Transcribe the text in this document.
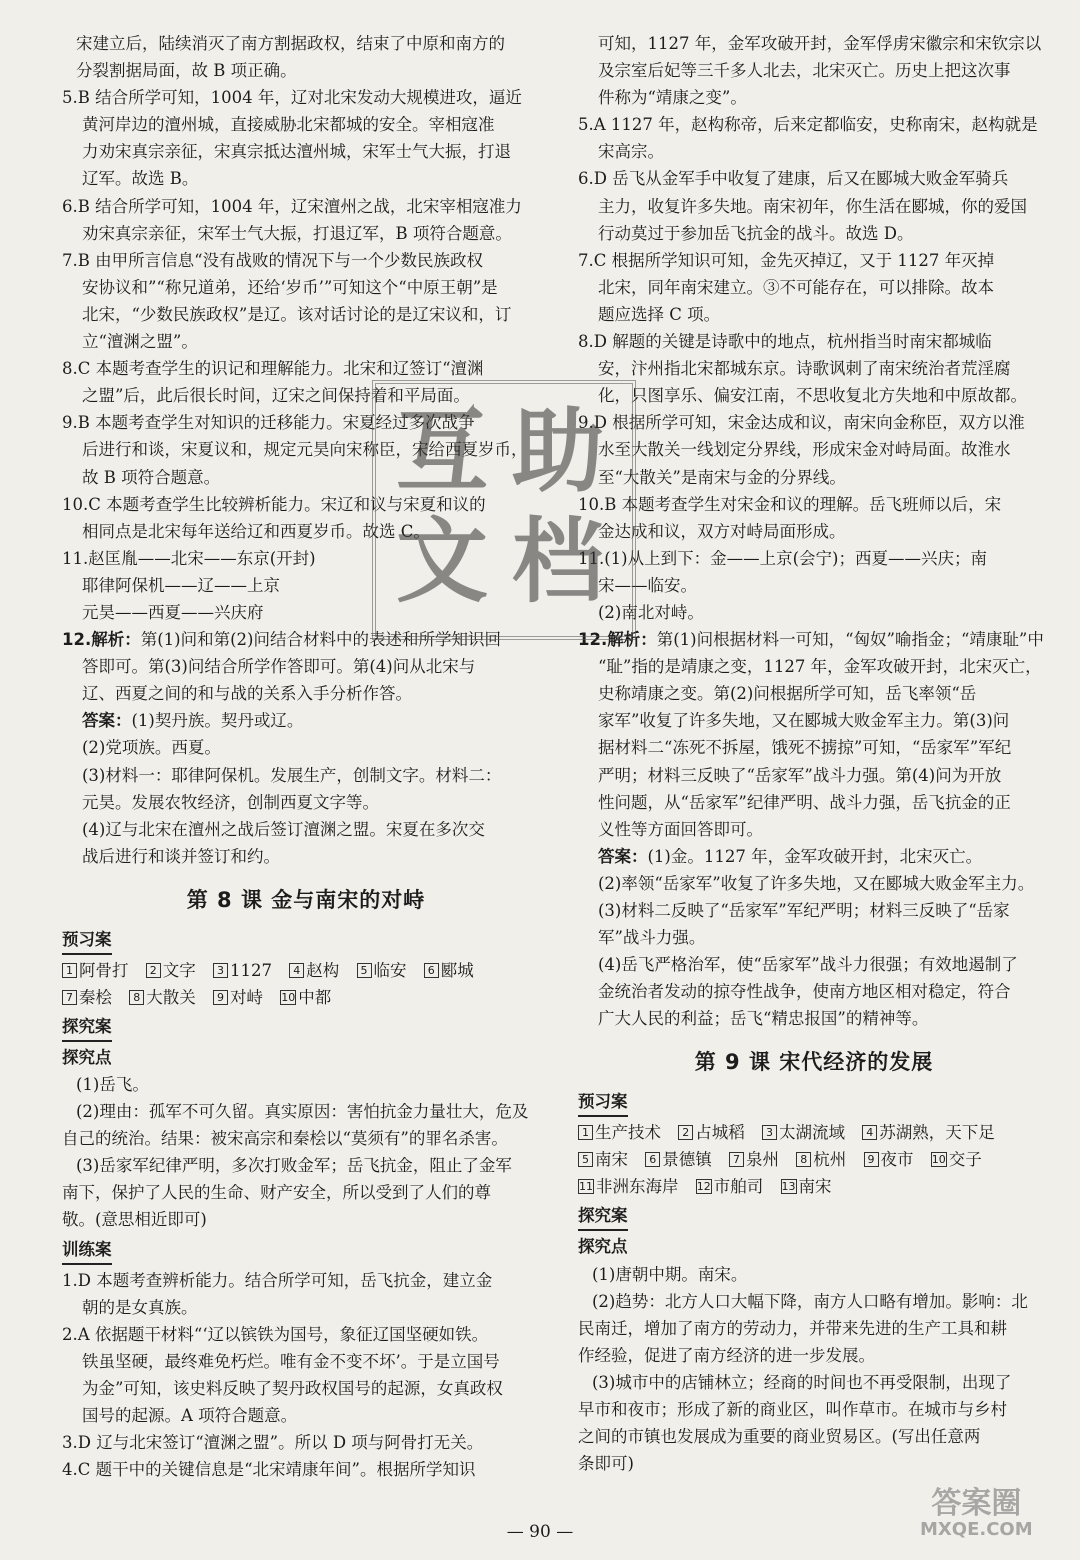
宋建立后，陆续消灭了南方割据政权，结束了中原和南方的

分裂割据局面，故 B 项正确。

5.B 结合所学可知，1004 年，辽对北宋发动大规模进攻，逼近

黄河岸边的澶州城，直接威胁北宋都城的安全。宰相寇准

力劝宋真宗亲征，宋真宗抵达澶州城，宋军士气大振，打退

辽军。故选 B。

6.B 结合所学可知，1004 年，辽宋澶州之战，北宋宰相寇准力

劝宋真宗亲征，宋军士气大振，打退辽军，B 项符合题意。

7.B 由甲所言信息“没有战败的情况下与一个少数民族政权

安协议和”“称兄道弟，还给‘岁币’”可知这个“中原王朝”是

北宋，“少数民族政权”是辽。该对话讨论的是辽宋议和，订

立“澶渊之盟”。

8.C 本题考查学生的识记和理解能力。北宋和辽签订“澶渊

之盟”后，此后很长时间，辽宋之间保持着和平局面。

9.B 本题考查学生对知识的迁移能力。宋夏经过多次战争

后进行和谈，宋夏议和，规定元昊向宋称臣，宋给西夏岁币，

故 B 项符合题意。

10.C 本题考查学生比较辨析能力。宋辽和议与宋夏和议的

相同点是北宋每年送给辽和西夏岁币。故选 C。

11.赵匡胤——北宋——东京(开封)

耶律阿保机——辽——上京

元昊——西夏——兴庆府

12.解析：第(1)问和第(2)问结合材料中的表述和所学知识回

答即可。第(3)问结合所学作答即可。第(4)问从北宋与

辽、西夏之间的和与战的关系入手分析作答。

答案：(1)契丹族。契丹或辽。

(2)党项族。西夏。

(3)材料一：耶律阿保机。发展生产，创制文字。材料二：

元昊。发展农牧经济，创制西夏文字等。

(4)辽与北宋在澶州之战后签订澶渊之盟。宋夏在多次交

战后进行和谈并签订和约。

第 8 课 金与南宋的对峙
预习案
1 阿骨打 2 文字 3 1127 4 赵构 5 临安 6 郾城
7 秦桧 8 大散关 9 对峙 10 中都
探究案

探究点

(1)岳飞。

(2)理由：孤军不可久留。真实原因：害怕抗金力量壮大，危及

自己的统治。结果：被宋高宗和秦桧以“莫须有”的罪名杀害。

(3)岳家军纪律严明，多次打败金军；岳飞抗金，阻止了金军

南下，保护了人民的生命、财产安全，所以受到了人们的尊

敬。(意思相近即可)

训练案

1.D 本题考查辨析能力。结合所学可知，岳飞抗金，建立金

朝的是女真族。

2.A 依据题干材料“‘辽以镔铁为国号，象征辽国坚硬如铁。

铁虽坚硬，最终难免朽烂。唯有金不变不坏’。于是立国号

为金”可知，该史料反映了契丹政权国号的起源，女真政权

国号的起源。A 项符合题意。

3.D 辽与北宋签订“澶渊之盟”。所以 D 项与阿骨打无关。

4.C 题干中的关键信息是“北宋靖康年间”。根据所学知识

可知，1127 年，金军攻破开封，金军俘虏宋徽宗和宋钦宗以

及宗室后妃等三千多人北去，北宋灭亡。历史上把这次事

件称为“靖康之变”。

5.A 1127 年，赵构称帝，后来定都临安，史称南宋，赵构就是

宋高宗。

6.D 岳飞从金军手中收复了建康，后又在郾城大败金军骑兵

主力，收复许多失地。南宋初年，你生活在郾城，你的爱国

行动莫过于参加岳飞抗金的战斗。故选 D。

7.C 根据所学知识可知，金先灭掉辽，又于 1127 年灭掉

北宋，同年南宋建立。③不可能存在，可以排除。故本

题应选择 C 项。

8.D 解题的关键是诗歌中的地点，杭州指当时南宋都城临

安，汴州指北宋都城东京。诗歌讽刺了南宋统治者荒淫腐

化，只图享乐、偏安江南，不思收复北方失地和中原故都。

9.D 根据所学可知，宋金达成和议，南宋向金称臣，双方以淮

水至大散关一线划定分界线，形成宋金对峙局面。故淮水

至“大散关”是南宋与金的分界线。

10.B 本题考查学生对宋金和议的理解。岳飞班师以后，宋

金达成和议，双方对峙局面形成。

11.(1)从上到下：金——上京(会宁)；西夏——兴庆；南

宋——临安。

(2)南北对峙。

12.解析：第(1)问根据材料一可知，“匈奴”喻指金；“靖康耻”中

“耻”指的是靖康之变，1127 年，金军攻破开封，北宋灭亡，

史称靖康之变。第(2)问根据所学可知，岳飞率领“岳

家军”收复了许多失地，又在郾城大败金军主力。第(3)问

据材料二“冻死不拆屋，饿死不掳掠”可知，“岳家军”军纪

严明；材料三反映了“岳家军”战斗力强。第(4)问为开放

性问题，从“岳家军”纪律严明、战斗力强，岳飞抗金的正

义性等方面回答即可。

答案：(1)金。1127 年，金军攻破开封，北宋灭亡。

(2)率领“岳家军”收复了许多失地，又在郾城大败金军主力。

(3)材料二反映了“岳家军”军纪严明；材料三反映了“岳家

军”战斗力强。

(4)岳飞严格治军，使“岳家军”战斗力很强；有效地遏制了

金统治者发动的掠夺性战争，使南方地区相对稳定，符合

广大人民的利益；岳飞“精忠报国”的精神等。

第 9 课 宋代经济的发展
预习案
1 生产技术 2 占城稻 3 太湖流域 4 苏湖熟，天下足
5 南宋 6 景德镇 7 泉州 8 杭州 9 夜市 10 交子
11 非洲东海岸 12 市舶司 13 南宋
探究案

探究点

(1)唐朝中期。南宋。

(2)趋势：北方人口大幅下降，南方人口略有增加。影响：北

民南迁，增加了南方的劳动力，并带来先进的生产工具和耕

作经验，促进了南方经济的进一步发展。

(3)城市中的店铺林立；经商的时间也不再受限制，出现了

早市和夜市；形成了新的商业区，叫作草市。在城市与乡村

之间的市镇也发展成为重要的商业贸易区。(写出任意两

条即可)

互 助
文 档
— 90 —
答案圈
MXQE.COM
